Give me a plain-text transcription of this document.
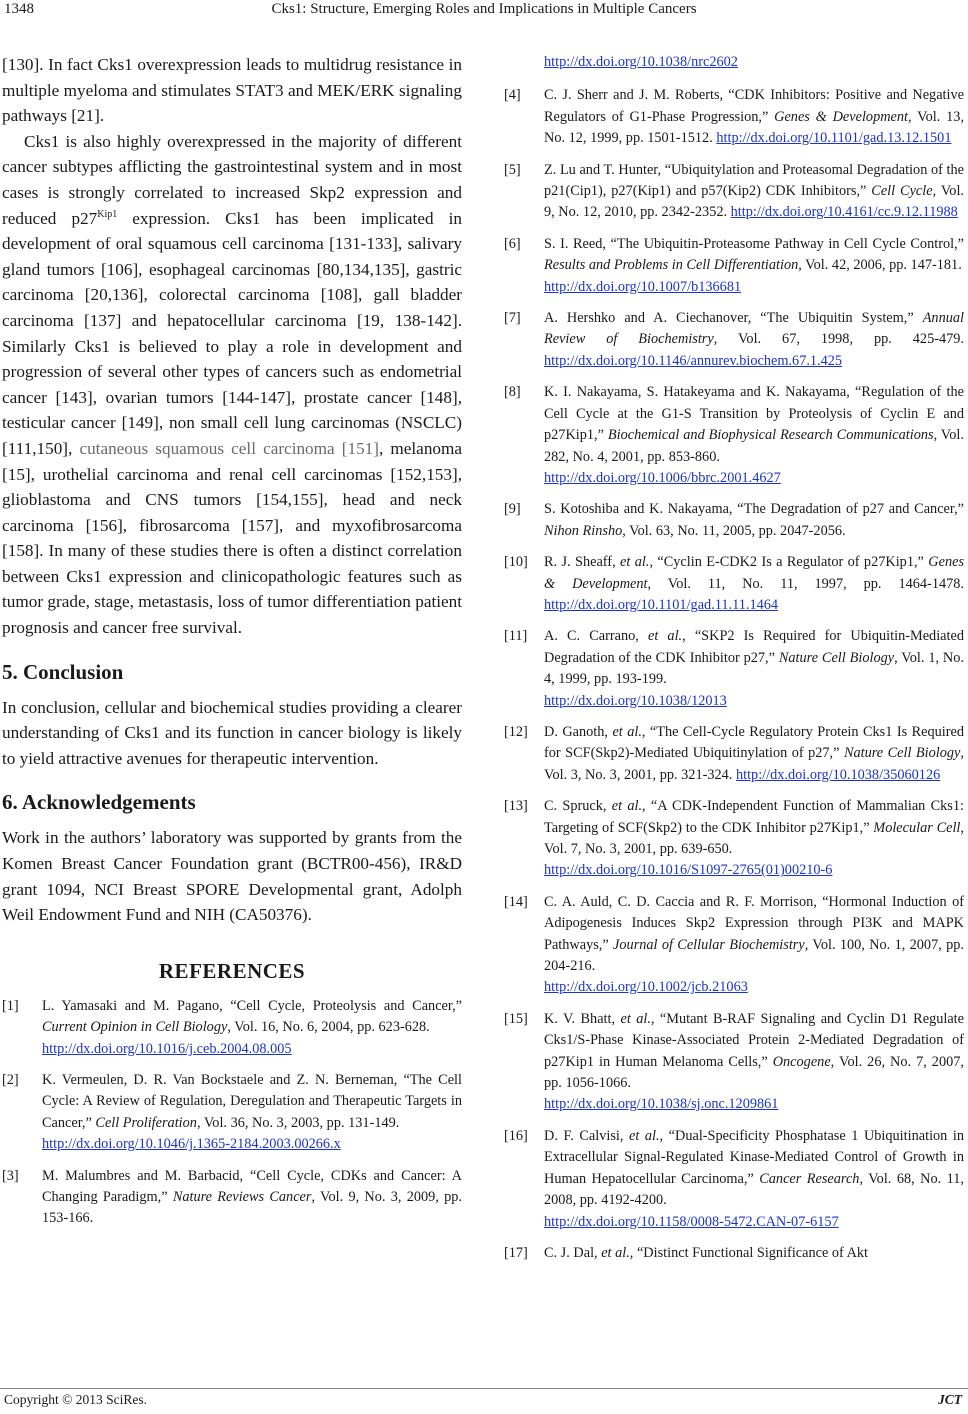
1348	Cks1: Structure, Emerging Roles and Implications in Multiple Cancers

[130]. In fact Cks1 overexpression leads to multidrug resistance in multiple myeloma and stimulates STAT3 and MEK/ERK signaling pathways [21].

Cks1 is also highly overexpressed in the majority of different cancer subtypes afflicting the gastrointestinal system and in most cases is strongly correlated to increased Skp2 expression and reduced $p27^{Kip1}$ expression. Cks1 has been implicated in development of oral squamous cell carcinoma [131-133], salivary gland tumors [106], esophageal carcinomas [80,134,135], gastric carcinoma [20,136], colorectal carcinoma [108], gall bladder carcinoma [137] and hepatocellular carcinoma [19, 138-142]. Similarly Cks1 is believed to play a role in development and progression of several other types of cancers such as endometrial cancer [143], ovarian tumors [144-147], prostate cancer [148], testicular cancer [149], non small cell lung carcinomas (NSCLC) [111,150], cutaneous squamous cell carcinoma [151], melanoma [15], urothelial carcinoma and renal cell carcinomas [152,153], glioblastoma and CNS tumors [154,155], head and neck carcinoma [156], fibrosarcoma [157], and myxofibrosarcoma [158]. In many of these studies there is often a distinct correlation between Cks1 expression and clinicopathologic features such as tumor grade, stage, metastasis, loss of tumor differentiation patient prognosis and cancer free survival.

5. Conclusion

In conclusion, cellular and biochemical studies providing a clearer understanding of Cks1 and its function in cancer biology is likely to yield attractive avenues for therapeutic intervention.

6. Acknowledgements

Work in the authors’ laboratory was supported by grants from the Komen Breast Cancer Foundation grant (BCTR00-456), IR&D grant 1094, NCI Breast SPORE Developmental grant, Adolph Weil Endowment Fund and NIH (CA50376).

REFERENCES
[1] L. Yamasaki and M. Pagano, “Cell Cycle, Proteolysis and Cancer,” Current Opinion in Cell Biology, Vol. 16, No. 6, 2004, pp. 623-628.
http://dx.doi.org/10.1016/j.ceb.2004.08.005
[2] K. Vermeulen, D. R. Van Bockstaele and Z. N. Berneman, “The Cell Cycle: A Review of Regulation, Deregulation and Therapeutic Targets in Cancer,” Cell Proliferation, Vol. 36, No. 3, 2003, pp. 131-149.
http://dx.doi.org/10.1046/j.1365-2184.2003.00266.x
[3] M. Malumbres and M. Barbacid, “Cell Cycle, CDKs and Cancer: A Changing Paradigm,” Nature Reviews Cancer, Vol. 9, No. 3, 2009, pp. 153-166.
http://dx.doi.org/10.1038/nrc2602
[4] C. J. Sherr and J. M. Roberts, “CDK Inhibitors: Positive and Negative Regulators of G1-Phase Progression,” Genes & Development, Vol. 13, No. 12, 1999, pp. 1501-1512. http://dx.doi.org/10.1101/gad.13.12.1501
[5] Z. Lu and T. Hunter, “Ubiquitylation and Proteasomal Degradation of the p21(Cip1), p27(Kip1) and p57(Kip2) CDK Inhibitors,” Cell Cycle, Vol. 9, No. 12, 2010, pp. 2342-2352. http://dx.doi.org/10.4161/cc.9.12.11988
[6] S. I. Reed, “The Ubiquitin-Proteasome Pathway in Cell Cycle Control,” Results and Problems in Cell Differentiation, Vol. 42, 2006, pp. 147-181.
http://dx.doi.org/10.1007/b136681
[7] A. Hershko and A. Ciechanover, “The Ubiquitin System,” Annual Review of Biochemistry, Vol. 67, 1998, pp. 425-479. http://dx.doi.org/10.1146/annurev.biochem.67.1.425
[8] K. I. Nakayama, S. Hatakeyama and K. Nakayama, “Regulation of the Cell Cycle at the G1-S Transition by Proteolysis of Cyclin E and p27Kip1,” Biochemical and Biophysical Research Communications, Vol. 282, No. 4, 2001, pp. 853-860.
http://dx.doi.org/10.1006/bbrc.2001.4627
[9] S. Kotoshiba and K. Nakayama, “The Degradation of p27 and Cancer,” Nihon Rinsho, Vol. 63, No. 11, 2005, pp. 2047-2056.
[10] R. J. Sheaff, et al., “Cyclin E-CDK2 Is a Regulator of p27Kip1,” Genes & Development, Vol. 11, No. 11, 1997, pp. 1464-1478. http://dx.doi.org/10.1101/gad.11.11.1464
[11] A. C. Carrano, et al., “SKP2 Is Required for Ubiquitin-Mediated Degradation of the CDK Inhibitor p27,” Nature Cell Biology, Vol. 1, No. 4, 1999, pp. 193-199.
http://dx.doi.org/10.1038/12013
[12] D. Ganoth, et al., “The Cell-Cycle Regulatory Protein Cks1 Is Required for SCF(Skp2)-Mediated Ubiquitinylation of p27,” Nature Cell Biology, Vol. 3, No. 3, 2001, pp. 321-324. http://dx.doi.org/10.1038/35060126
[13] C. Spruck, et al., “A CDK-Independent Function of Mammalian Cks1: Targeting of SCF(Skp2) to the CDK Inhibitor p27Kip1,” Molecular Cell, Vol. 7, No. 3, 2001, pp. 639-650.
http://dx.doi.org/10.1016/S1097-2765(01)00210-6
[14] C. A. Auld, C. D. Caccia and R. F. Morrison, “Hormonal Induction of Adipogenesis Induces Skp2 Expression through PI3K and MAPK Pathways,” Journal of Cellular Biochemistry, Vol. 100, No. 1, 2007, pp. 204-216.
http://dx.doi.org/10.1002/jcb.21063
[15] K. V. Bhatt, et al., “Mutant B-RAF Signaling and Cyclin D1 Regulate Cks1/S-Phase Kinase-Associated Protein 2-Mediated Degradation of p27Kip1 in Human Melanoma Cells,” Oncogene, Vol. 26, No. 7, 2007, pp. 1056-1066.
http://dx.doi.org/10.1038/sj.onc.1209861
[16] D. F. Calvisi, et al., “Dual-Specificity Phosphatase 1 Ubiquitination in Extracellular Signal-Regulated Kinase-Mediated Control of Growth in Human Hepatocellular Carcinoma,” Cancer Research, Vol. 68, No. 11, 2008, pp. 4192-4200.
http://dx.doi.org/10.1158/0008-5472.CAN-07-6157
[17] C. J. Dal, et al., “Distinct Functional Significance of Akt
Copyright © 2013 SciRes.	JCT
